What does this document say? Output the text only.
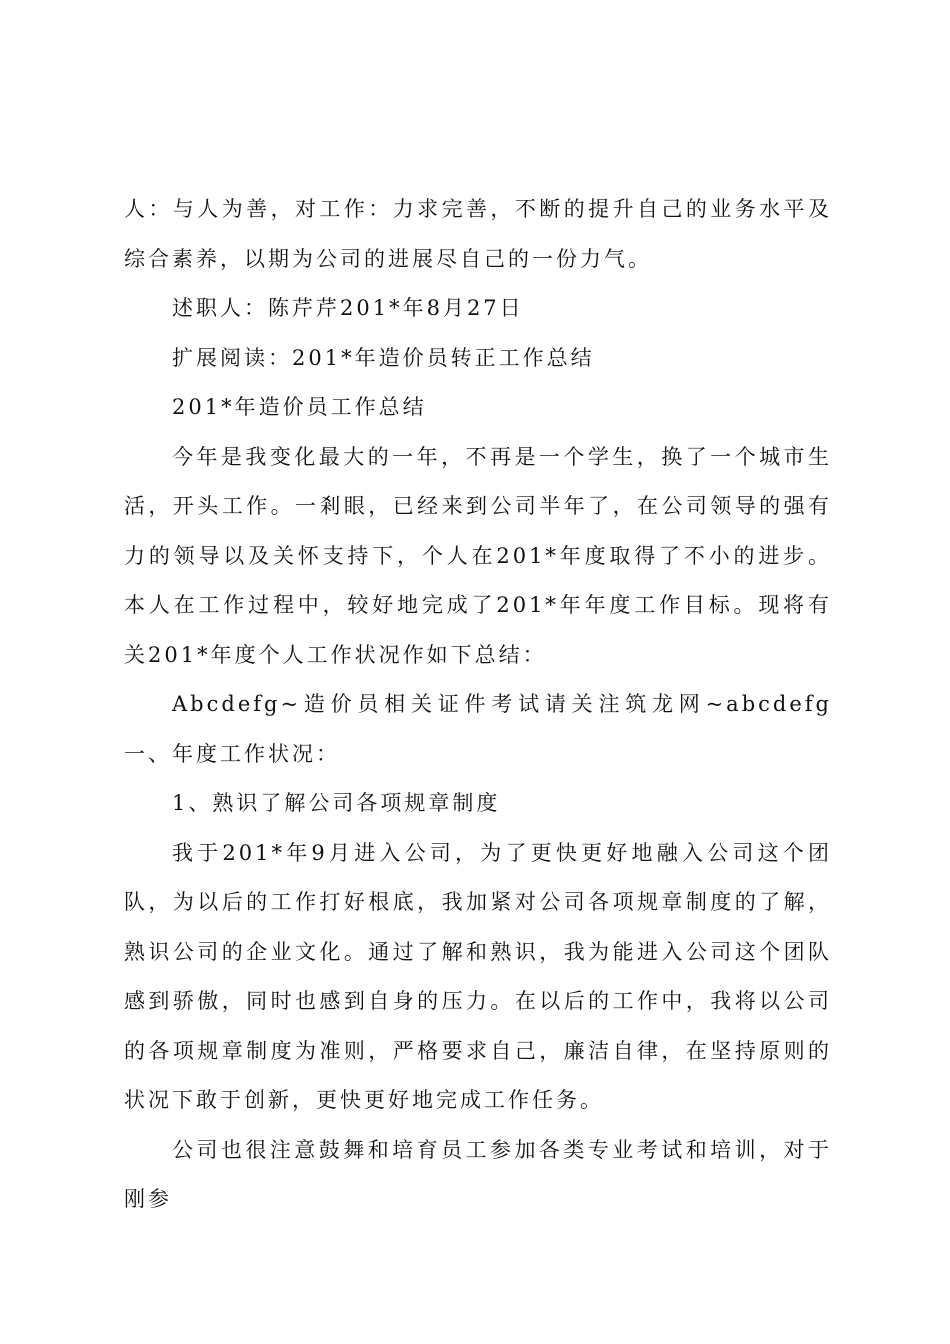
人：与人为善，对工作：力求完善，不断的提升自己的业务水平及综合素养，以期为公司的进展尽自己的一份力气。

述职人：陈芹芹201*年8月27日

扩展阅读：201*年造价员转正工作总结

201*年造价员工作总结

今年是我变化最大的一年，不再是一个学生，换了一个城市生活，开头工作。一剎眼，已经来到公司半年了，在公司领导的强有力的领导以及关怀支持下，个人在201*年度取得了不小的进步。本人在工作过程中，较好地完成了201*年年度工作目标。现将有关201*年度个人工作状况作如下总结：

Abcdefg~造价员相关证件考试请关注筑龙网~abcdefg一、年度工作状况：

1、熟识了解公司各项规章制度

我于201*年9月进入公司，为了更快更好地融入公司这个团队，为以后的工作打好根底，我加紧对公司各项规章制度的了解，熟识公司的企业文化。通过了解和熟识，我为能进入公司这个团队感到骄傲，同时也感到自身的压力。在以后的工作中，我将以公司的各项规章制度为准则，严格要求自己，廉洁自律，在坚持原则的状况下敢于创新，更快更好地完成工作任务。

公司也很注意鼓舞和培育员工参加各类专业考试和培训，对于刚参
